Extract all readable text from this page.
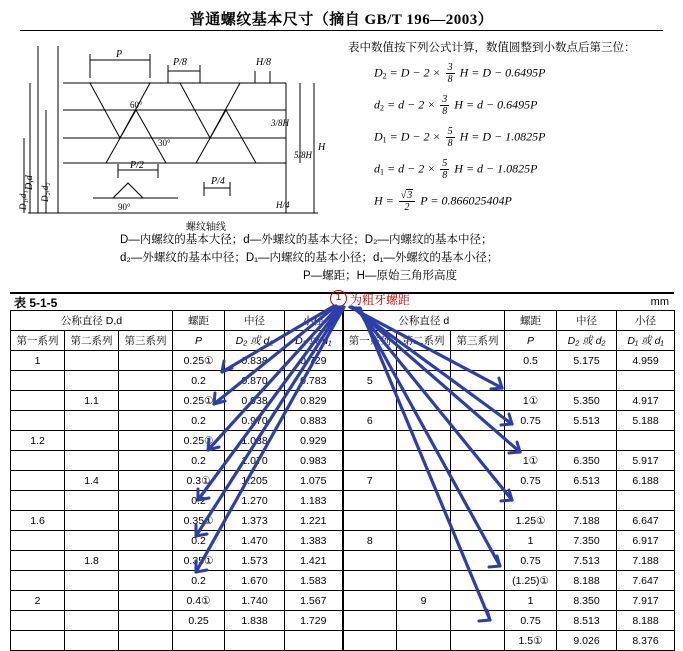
普通螺纹基本尺寸（摘自 GB/T 196—2003）
P
P/8	H/8
3/8H
5/8H
H
H/4
P/2
P/4
60°
30°
90°
D,d D₂,d₂
D₁,d₁
螺纹轴线
表中数值按下列公式计算，数值圆整到小数点后第三位：
$D_2 = D - 2 \times \frac{3}{8}$ H = D − 0.6495P
$d_2 = d - 2 \times \frac{3}{8}$ H = d − 0.6495P
$D_1 = D - 2 \times \frac{5}{8}$ H = D − 1.0825P
$d_1 = d - 2 \times \frac{5}{8}$ H = d − 1.0825P
$H = \frac{√3}{2}$ P = 0.866025404P
D—内螺纹的基本大径；d—外螺纹的基本大径；D₂—内螺纹的基本中径；
d₂—外螺纹的基本中径；D₁—内螺纹的基本小径；d₁—外螺纹的基本小径；
P—螺距；H—原始三角形高度
表 5-1-5	mm
1 为粗牙螺距
公称直径 D,d			螺距	中径	小径	公称直径 d			螺距	中径	小径
第一系列	第二系列	第三系列	P	D₂ 或 d₂	D₁ 或 d₁	第一系列	第二系列	第三系列	P	D₂ 或 d₂	D₁ 或 d₁
1			0.25①	0.838	0.729				0.5	5.175	4.959
			0.2	0.870	0.783	5					
	1.1		0.25①	0.938	0.829				1①	5.350	4.917
			0.2	0.970	0.883	6			0.75	5.513	5.188
1.2			0.25①	1.038	0.929						
			0.2	1.070	0.983				1①	6.350	5.917
	1.4		0.3①	1.205	1.075	7			0.75	6.513	6.188
			0.2	1.270	1.183						
1.6			0.35①	1.373	1.221				1.25①	7.188	6.647
			0.2	1.470	1.383	8			1	7.350	6.917
	1.8		0.35①	1.573	1.421				0.75	7.513	7.188
			0.2	1.670	1.583				(1.25)①	8.188	7.647
2			0.4①	1.740	1.567		9		1	8.350	7.917
			0.25	1.838	1.729				0.75	8.513	8.188
									1.5①	9.026	8.376
